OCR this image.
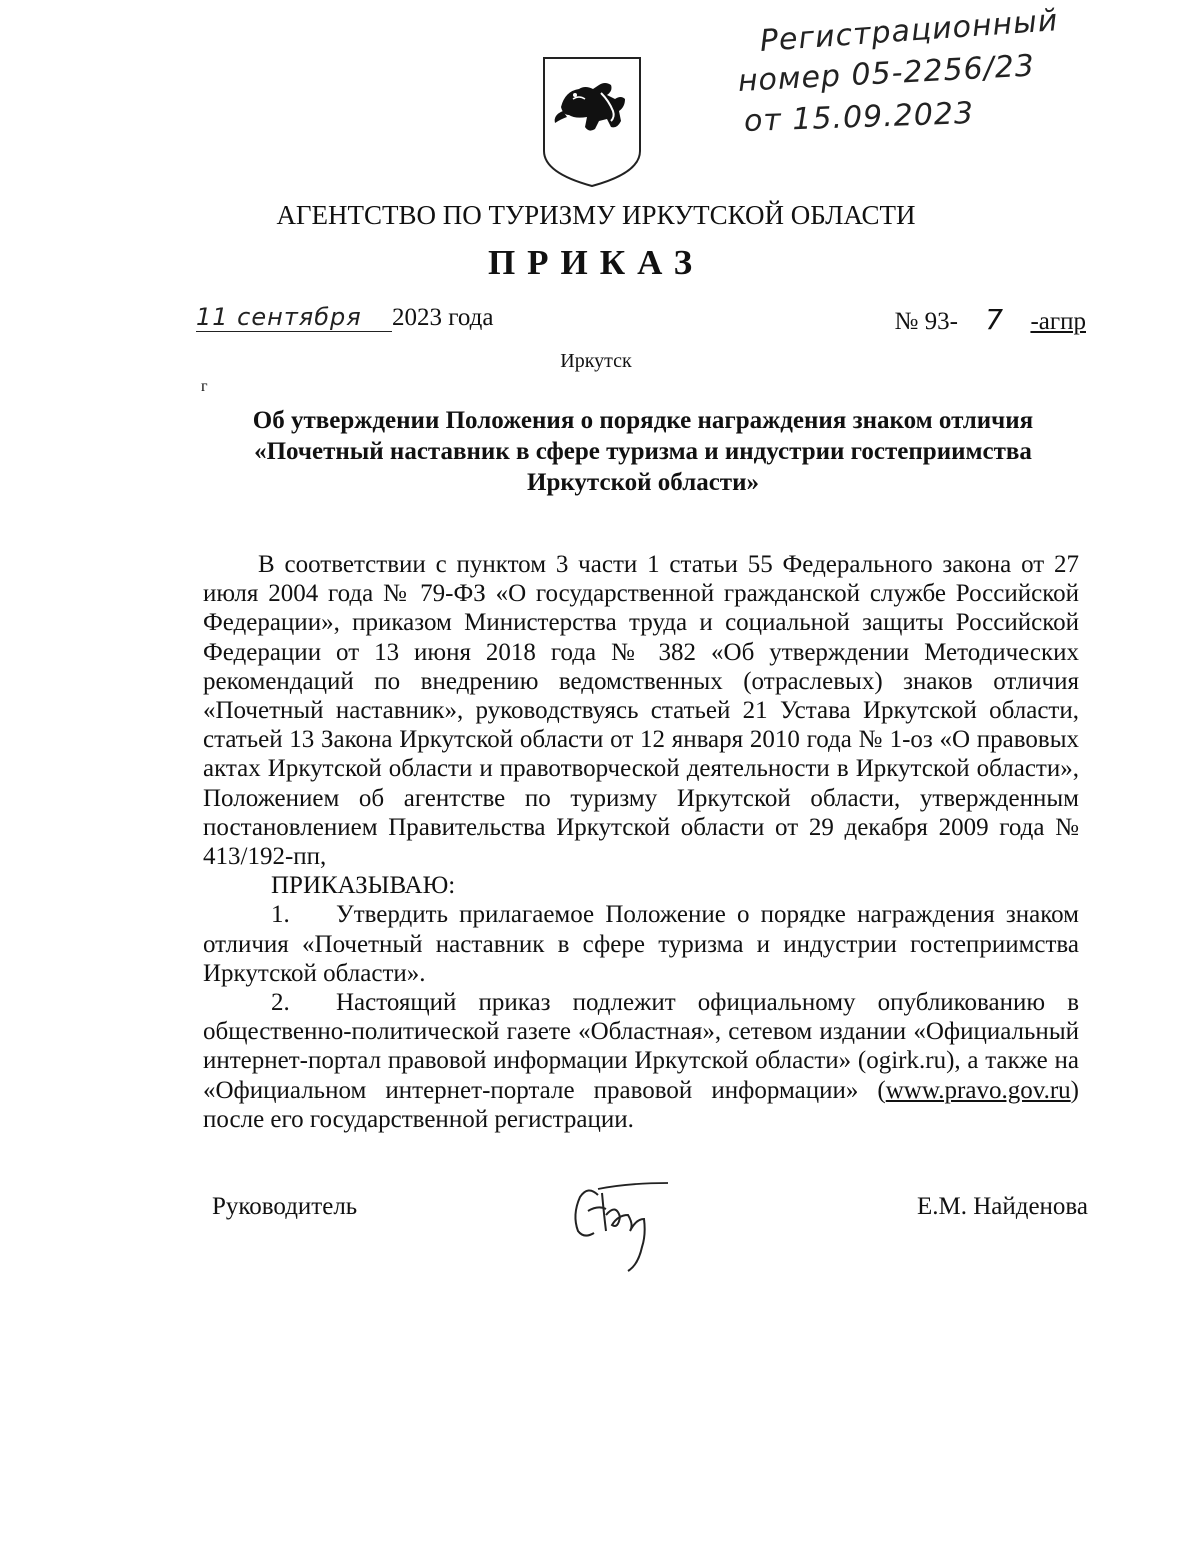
Регистрационный
номер 05-2256/23
от 15.09.2023
АГЕНТСТВО ПО ТУРИЗМУ ИРКУТСКОЙ ОБЛАСТИ
ПРИКАЗ
11 сентября 2023 года	№ 93- 7 -агпр
Иркутск
г
Об утверждении Положения о порядке награждения знаком отличия
«Почетный наставник в сфере туризма и индустрии гостеприимства
Иркутской области»

В соответствии с пунктом 3 части 1 статьи 55 Федерального закона от 27 июля 2004 года № 79-ФЗ «О государственной гражданской службе Российской Федерации», приказом Министерства труда и социальной защиты Российской Федерации от 13 июня 2018 года № 382 «Об утверждении Методических рекомендаций по внедрению ведомственных (отраслевых) знаков отличия «Почетный наставник», руководствуясь статьей 21 Устава Иркутской области, статьей 13 Закона Иркутской области от 12 января 2010 года № 1-оз «О правовых актах Иркутской области и правотворческой деятельности в Иркутской области», Положением об агентстве по туризму Иркутской области, утвержденным постановлением Правительства Иркутской области от 29 декабря 2009 года № 413/192-пп,

ПРИКАЗЫВАЮ:

1. Утвердить прилагаемое Положение о порядке награждения знаком отличия «Почетный наставник в сфере туризма и индустрии гостеприимства Иркутской области».

2. Настоящий приказ подлежит официальному опубликованию в общественно-политической газете «Областная», сетевом издании «Официальный интернет-портал правовой информации Иркутской области» (ogirk.ru), а также на «Официальном интернет-портале правовой информации» (www.pravo.gov.ru) после его государственной регистрации.

Руководитель	Е.М. Найденова
